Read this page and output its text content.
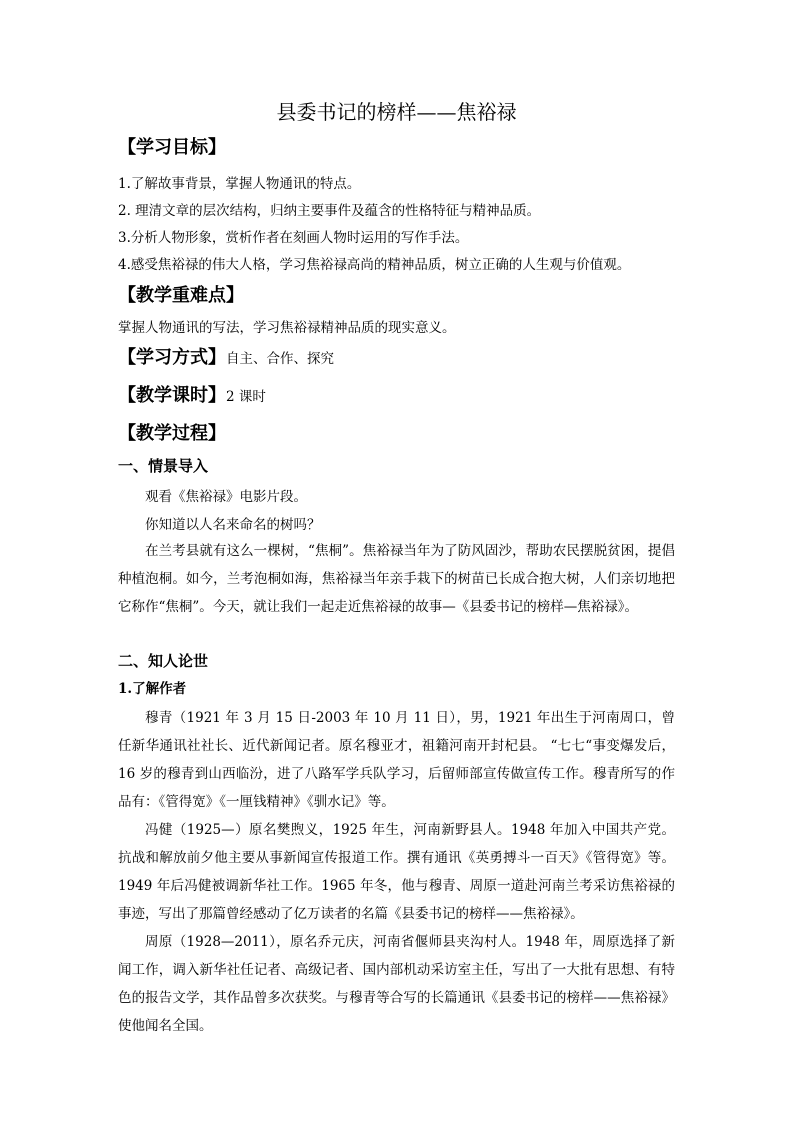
县委书记的榜样——焦裕禄
【学习目标】
1.了解故事背景，掌握人物通讯的特点。
2. 理清文章的层次结构，归纳主要事件及蕴含的性格特征与精神品质。
3.分析人物形象，赏析作者在刻画人物时运用的写作手法。
4.感受焦裕禄的伟大人格，学习焦裕禄高尚的精神品质，树立正确的人生观与价值观。
【教学重难点】
掌握人物通讯的写法，学习焦裕禄精神品质的现实意义。
【学习方式】自主、合作、探究
【教学课时】2 课时
【教学过程】
一、情景导入
观看《焦裕禄》电影片段。
你知道以人名来命名的树吗？
在兰考县就有这么一棵树，“焦桐”。焦裕禄当年为了防风固沙，帮助农民摆脱贫困，提倡种植泡桐。如今，兰考泡桐如海，焦裕禄当年亲手栽下的树苗已长成合抱大树，人们亲切地把它称作“焦桐”。今天，就让我们一起走近焦裕禄的故事—《县委书记的榜样—焦裕禄》。
二、知人论世
1.了解作者
穆青（1921 年 3 月 15 日-2003 年 10 月 11 日），男，1921 年出生于河南周口，曾任新华通讯社社长、近代新闻记者。原名穆亚才，祖籍河南开封杞县。 “七七“事变爆发后，16 岁的穆青到山西临汾，进了八路军学兵队学习，后留师部宣传做宣传工作。穆青所写的作品有：《管得宽》《一厘钱精神》《驯水记》等。
冯健（1925—）原名樊煦义，1925 年生，河南新野县人。1948 年加入中国共产党。抗战和解放前夕他主要从事新闻宣传报道工作。撰有通讯《英勇搏斗一百天》《管得宽》等。1949 年后冯健被调新华社工作。1965 年冬，他与穆青、周原一道赴河南兰考采访焦裕禄的事迹，写出了那篇曾经感动了亿万读者的名篇《县委书记的榜样——焦裕禄》。
周原（1928—2011），原名乔元庆，河南省偃师县夹沟村人。1948 年，周原选择了新闻工作，调入新华社任记者、高级记者、国内部机动采访室主任，写出了一大批有思想、有特色的报告文学，其作品曾多次获奖。与穆青等合写的长篇通讯《县委书记的榜样——焦裕禄》使他闻名全国。
